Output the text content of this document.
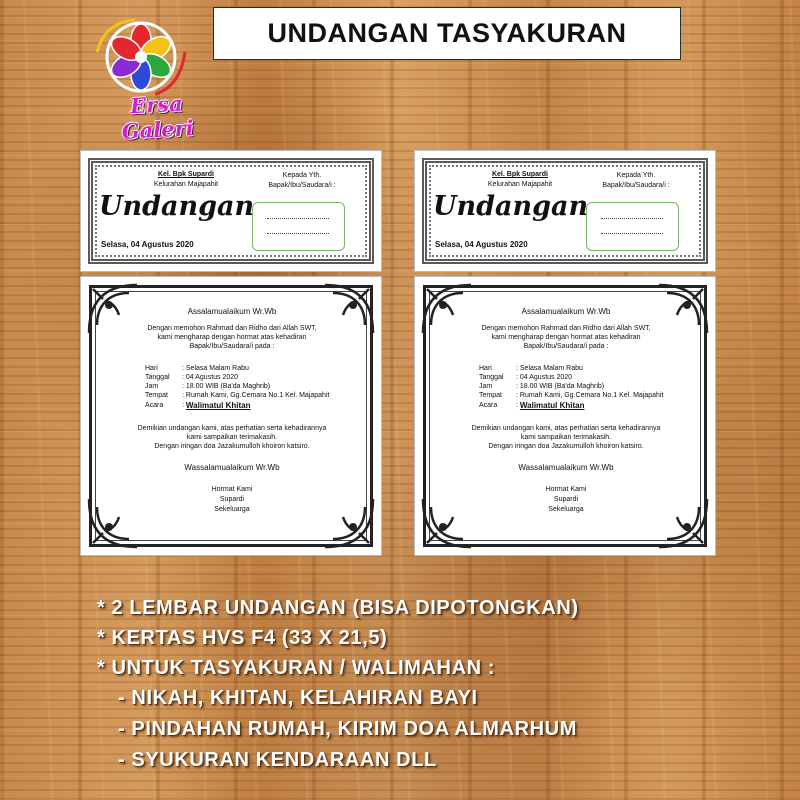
UNDANGAN TASYAKURAN
Ersa Galeri
Kel. Bpk Supardi
Kelurahan Majapahit
Undangan
Selasa, 04 Agustus 2020
Kepada Yth.
Bapak/Ibu/Saudara/i :
Kel. Bpk Supardi
Kelurahan Majapahit
Undangan
Selasa, 04 Agustus 2020
Kepada Yth.
Bapak/Ibu/Saudara/i :
Assalamualaikum Wr.Wb
Dengan memohon Rahmad dan Ridho dari Allah SWT,
kami mengharap dengan hormat atas kehadiran
Bapak/Ibu/Saudara/i pada :
Hari	: Selasa Malam Rabu
Tanggal	: 04 Agustus 2020
Jam	: 18.00 WIB (Ba'da Maghrib)
Tempat	: Rumah Kami, Gg.Cemara No.1 Kel. Majapahit
Acara	:
Walimatul Khitan
Demikian undangan kami, atas perhatian serta kehadirannya
kami sampaikan terimakasih.
Dengan iringan doa Jazakumulloh khoiron katsiro.
Wassalamualaikum Wr.Wb
Hormat Kami
Supardi
Sekeluarga
Assalamualaikum Wr.Wb
Dengan memohon Rahmad dan Ridho dari Allah SWT,
kami mengharap dengan hormat atas kehadiran
Bapak/Ibu/Saudara/i pada :
Hari	: Selasa Malam Rabu
Tanggal	: 04 Agustus 2020
Jam	: 18.00 WIB (Ba'da Maghrib)
Tempat	: Rumah Kami, Gg.Cemara No.1 Kel. Majapahit
Acara	:
Walimatul Khitan
Demikian undangan kami, atas perhatian serta kehadirannya
kami sampaikan terimakasih.
Dengan iringan doa Jazakumulloh khoiron katsiro.
Wassalamualaikum Wr.Wb
Hormat Kami
Supardi
Sekeluarga
* 2 LEMBAR UNDANGAN (BISA DIPOTONGKAN)
* KERTAS HVS F4 (33 X 21,5)
* UNTUK TASYAKURAN / WALIMAHAN :
- NIKAH, KHITAN, KELAHIRAN BAYI
- PINDAHAN RUMAH, KIRIM DOA ALMARHUM
- SYUKURAN KENDARAAN DLL
